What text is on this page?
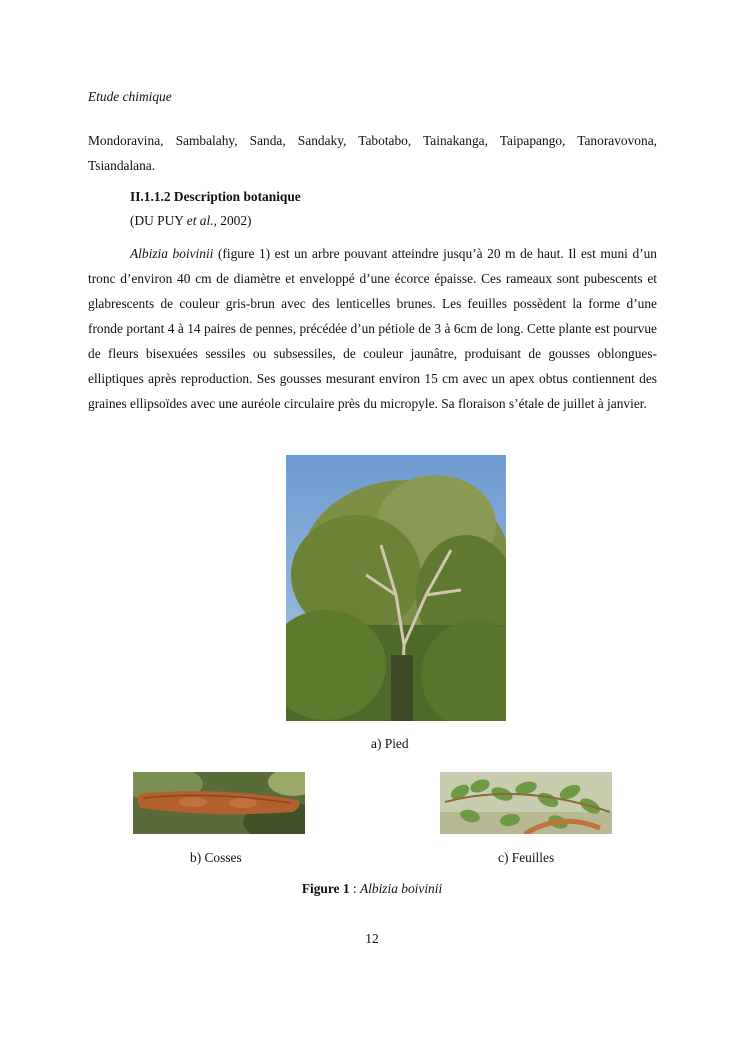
Etude chimique
Mondoravina, Sambalahy, Sanda, Sandaky, Tabotabo, Tainakanga, Taipapango, Tanoravovona, Tsiandalana.
II.1.1.2 Description botanique
(DU PUY et al., 2002)
Albizia boivinii (figure 1) est un arbre pouvant atteindre jusqu’à 20 m de haut. Il est muni d’un tronc d’environ 40 cm de diamètre et enveloppé d’une écorce épaisse. Ces rameaux sont pubescents et glabrescents de couleur gris-brun avec des lenticelles brunes. Les feuilles possèdent la forme d’une fronde portant 4 à 14 paires de pennes, précédée d’un pétiole de 3 à 6cm de long. Cette plante est pourvue de fleurs bisexuées sessiles ou subsessiles, de couleur jaunâtre, produisant de gousses oblongues-elliptiques après reproduction. Ses gousses mesurant environ 15 cm avec un apex obtus contiennent des graines ellipsoïdes avec une auréole circulaire près du micropyle. Sa floraison s’étale de juillet à janvier.
a) Pied
b) Cosses	c) Feuilles
Figure 1 : Albizia boivinii
12
